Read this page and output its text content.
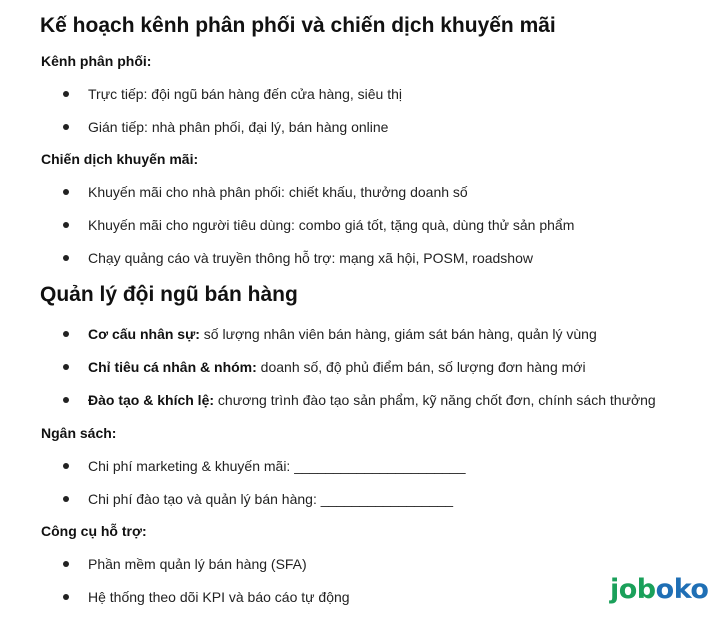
Kế hoạch kênh phân phối và chiến dịch khuyến mãi
Kênh phân phối:
Trực tiếp: đội ngũ bán hàng đến cửa hàng, siêu thị
Gián tiếp: nhà phân phối, đại lý, bán hàng online
Chiến dịch khuyến mãi:
Khuyến mãi cho nhà phân phối: chiết khấu, thưởng doanh số
Khuyến mãi cho người tiêu dùng: combo giá tốt, tặng quà, dùng thử sản phẩm
Chạy quảng cáo và truyền thông hỗ trợ: mạng xã hội, POSM, roadshow
Quản lý đội ngũ bán hàng
Cơ cấu nhân sự: số lượng nhân viên bán hàng, giám sát bán hàng, quản lý vùng
Chỉ tiêu cá nhân & nhóm: doanh số, độ phủ điểm bán, số lượng đơn hàng mới
Đào tạo & khích lệ: chương trình đào tạo sản phẩm, kỹ năng chốt đơn, chính sách thưởng
Ngân sách:
Chi phí marketing & khuyến mãi: ______________________
Chi phí đào tạo và quản lý bán hàng: _________________
Công cụ hỗ trợ:
Phần mềm quản lý bán hàng (SFA)
Hệ thống theo dõi KPI và báo cáo tự động	joboko
